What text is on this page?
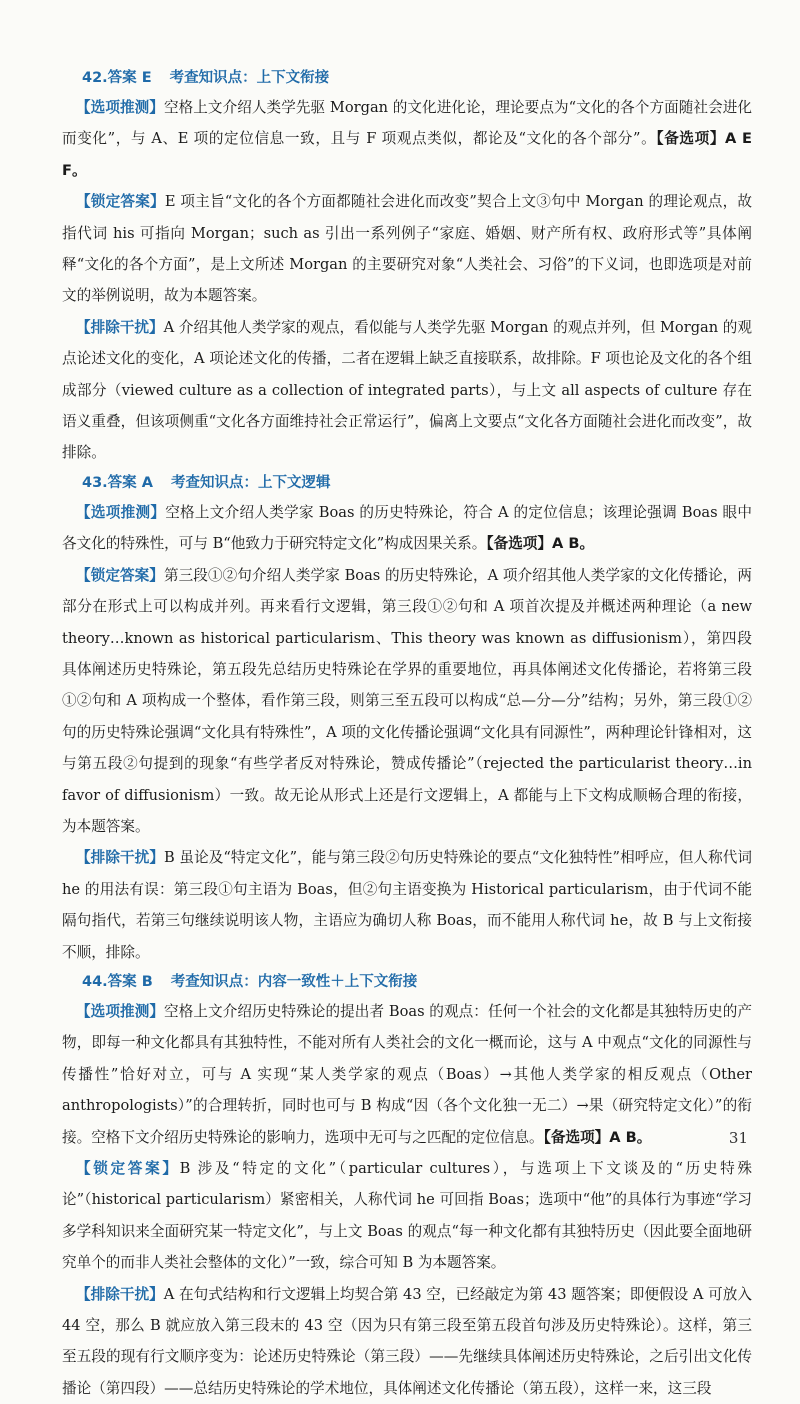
42.答案 E 考查知识点：上下文衔接

【选项推测】空格上文介绍人类学先驱 Morgan 的文化进化论，理论要点为“文化的各个方面随社会进化而变化”，与 A、E 项的定位信息一致，且与 F 项观点类似，都论及“文化的各个部分”。【备选项】A E F。

【锁定答案】E 项主旨“文化的各个方面都随社会进化而改变”契合上文③句中 Morgan 的理论观点，故指代词 his 可指向 Morgan；such as 引出一系列例子“家庭、婚姻、财产所有权、政府形式等”具体阐释“文化的各个方面”，是上文所述 Morgan 的主要研究对象“人类社会、习俗”的下义词，也即选项是对前文的举例说明，故为本题答案。

【排除干扰】A 介绍其他人类学家的观点，看似能与人类学先驱 Morgan 的观点并列，但 Morgan 的观点论述文化的变化，A 项论述文化的传播，二者在逻辑上缺乏直接联系，故排除。F 项也论及文化的各个组成部分（viewed culture as a collection of integrated parts），与上文 all aspects of culture 存在语义重叠，但该项侧重“文化各方面维持社会正常运行”，偏离上文要点“文化各方面随社会进化而改变”，故排除。

43.答案 A 考查知识点：上下文逻辑

【选项推测】空格上文介绍人类学家 Boas 的历史特殊论，符合 A 的定位信息；该理论强调 Boas 眼中各文化的特殊性，可与 B“他致力于研究特定文化”构成因果关系。【备选项】A B。

【锁定答案】第三段①②句介绍人类学家 Boas 的历史特殊论，A 项介绍其他人类学家的文化传播论，两部分在形式上可以构成并列。再来看行文逻辑，第三段①②句和 A 项首次提及并概述两种理论（a new theory…known as historical particularism、This theory was known as diffusionism），第四段具体阐述历史特殊论，第五段先总结历史特殊论在学界的重要地位，再具体阐述文化传播论，若将第三段①②句和 A 项构成一个整体，看作第三段，则第三至五段可以构成“总—分—分”结构；另外，第三段①②句的历史特殊论强调“文化具有特殊性”，A 项的文化传播论强调“文化具有同源性”，两种理论针锋相对，这与第五段②句提到的现象“有些学者反对特殊论，赞成传播论”（rejected the particularist theory…in favor of diffusionism）一致。故无论从形式上还是行文逻辑上，A 都能与上下文构成顺畅合理的衔接，为本题答案。

【排除干扰】B 虽论及“特定文化”，能与第三段②句历史特殊论的要点“文化独特性”相呼应，但人称代词 he 的用法有误：第三段①句主语为 Boas，但②句主语变换为 Historical particularism，由于代词不能隔句指代，若第三句继续说明该人物，主语应为确切人称 Boas，而不能用人称代词 he，故 B 与上文衔接不顺，排除。

44.答案 B 考查知识点：内容一致性＋上下文衔接

【选项推测】空格上文介绍历史特殊论的提出者 Boas 的观点：任何一个社会的文化都是其独特历史的产物，即每一种文化都具有其独特性，不能对所有人类社会的文化一概而论，这与 A 中观点“文化的同源性与传播性”恰好对立，可与 A 实现“某人类学家的观点（Boas）→其他人类学家的相反观点（Other anthropologists）”的合理转折，同时也可与 B 构成“因（各个文化独一无二）→果（研究特定文化）”的衔接。空格下文介绍历史特殊论的影响力，选项中无可与之匹配的定位信息。【备选项】A B。

【锁定答案】B 涉及“特定的文化”（particular cultures），与选项上下文谈及的“历史特殊论”（historical particularism）紧密相关，人称代词 he 可回指 Boas；选项中“他”的具体行为事迹“学习多学科知识来全面研究某一特定文化”，与上文 Boas 的观点“每一种文化都有其独特历史（因此要全面地研究单个的而非人类社会整体的文化）”一致，综合可知 B 为本题答案。

【排除干扰】A 在句式结构和行文逻辑上均契合第 43 空，已经敲定为第 43 题答案；即便假设 A 可放入 44 空，那么 B 就应放入第三段末的 43 空（因为只有第三段至第五段首句涉及历史特殊论）。这样，第三至五段的现有行文顺序变为：论述历史特殊论（第三段）——先继续具体阐述历史特殊论，之后引出文化传播论（第四段）——总结历史特殊论的学术地位，具体阐述文化传播论（第五段），这样一来，这三段

31
